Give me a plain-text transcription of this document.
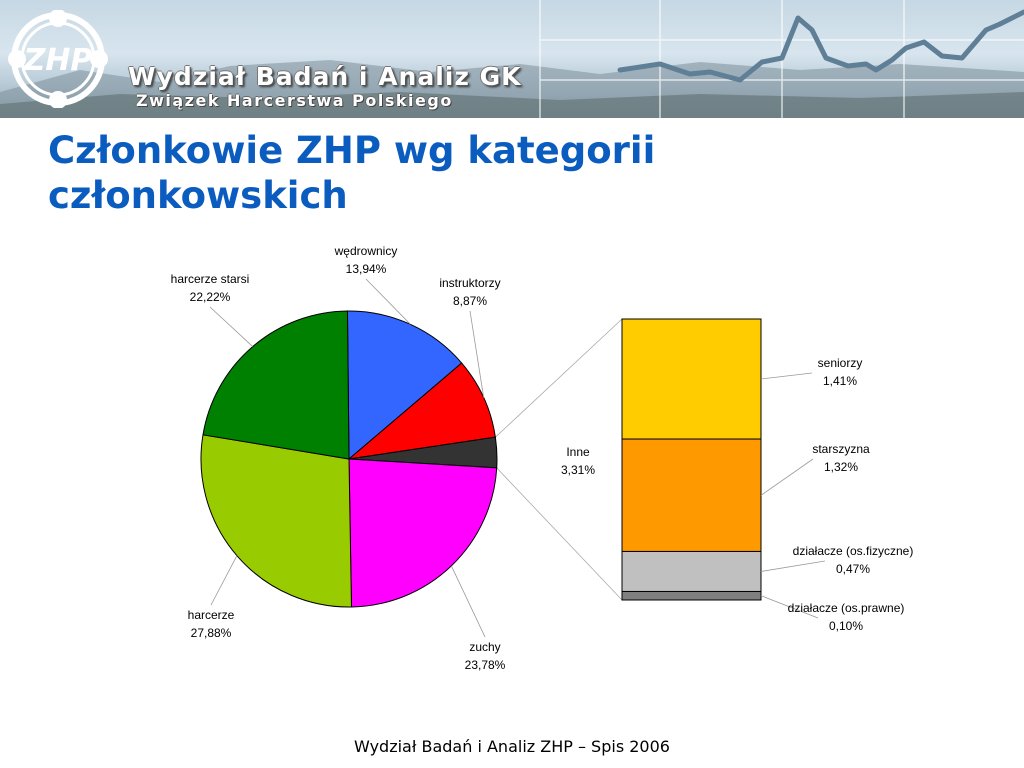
ZHP Wydział Badań i Analiz GK
Związek Harcerstwa Polskiego
Członkowie ZHP wg kategorii członkowskich
wędrownicy
13,94%
instruktorzy
8,87%
Inne
3,31%
zuchy
23,78%
harcerze
27,88%
harcerze starsi
22,22%
seniorzy
1,41%
starszyzna
1,32%
działacze (os.fizyczne)
0,47%
działacze (os.prawne)
0,10%
Wydział Badań i Analiz ZHP – Spis 2006
